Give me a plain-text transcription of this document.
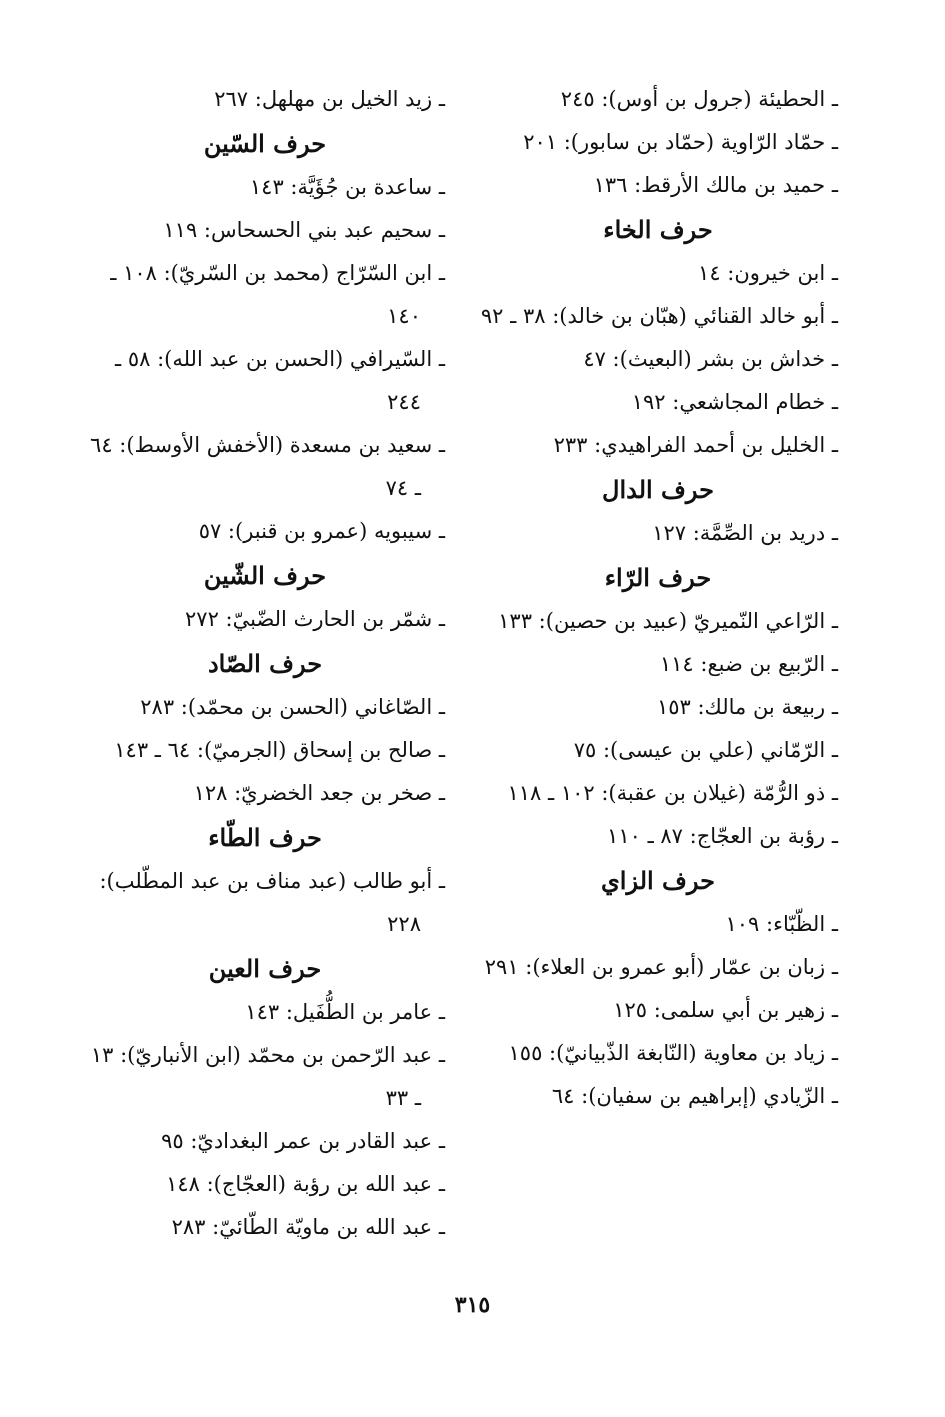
ـ الحطيئة (جرول بن أوس): ٢٤٥

ـ حمّاد الرّاوية (حمّاد بن سابور): ٢٠١

ـ حميد بن مالك الأرقط: ١٣٦

حرف الخاء

ـ ابن خيرون: ١٤

ـ أبو خالد القنائي (هبّان بن خالد): ٣٨ ـ ٩٢

ـ خداش بن بشر (البعيث): ٤٧

ـ خطام المجاشعي: ١٩٢

ـ الخليل بن أحمد الفراهيدي: ٢٣٣

حرف الدال

ـ دريد بن الصِّمَّة: ١٢٧

حرف الرّاء

ـ الرّاعي النّميريّ (عبيد بن حصين): ١٣٣

ـ الرّبيع بن ضبع: ١١٤

ـ ربيعة بن مالك: ١٥٣

ـ الرّمّاني (علي بن عيسى): ٧٥

ـ ذو الرُّمّة (غيلان بن عقبة): ١٠٢ ـ ١١٨

ـ رؤبة بن العجّاج: ٨٧ ـ ١١٠

حرف الزاي

ـ الظّبّاء: ١٠٩

ـ زبان بن عمّار (أبو عمرو بن العلاء): ٢٩١

ـ زهير بن أبي سلمى: ١٢٥

ـ زياد بن معاوية (النّابغة الذّبيانيّ): ١٥٥

ـ الزّيادي (إبراهيم بن سفيان): ٦٤

ـ زيد الخيل بن مهلهل: ٢٦٧

حرف السّين

ـ ساعدة بن جُؤَيَّة: ١٤٣

ـ سحيم عبد بني الحسحاس: ١١٩

ـ ابن السّرّاج (محمد بن السّريّ): ١٠٨ ـ ١٤٠

ـ السّيرافي (الحسن بن عبد الله): ٥٨ ـ ٢٤٤

ـ سعيد بن مسعدة (الأخفش الأوسط): ٦٤ ـ ٧٤

ـ سيبويه (عمرو بن قنبر): ٥٧

حرف الشّين

ـ شمّر بن الحارث الضّبيّ: ٢٧٢

حرف الصّاد

ـ الصّاغاني (الحسن بن محمّد): ٢٨٣

ـ صالح بن إسحاق (الجرميّ): ٦٤ ـ ١٤٣

ـ صخر بن جعد الخضريّ: ١٢٨

حرف الطّاء

ـ أبو طالب (عبد مناف بن عبد المطّلب): ٢٢٨

حرف العين

ـ عامر بن الطُّفَيل: ١٤٣

ـ عبد الرّحمن بن محمّد (ابن الأنباريّ): ١٣ ـ ٣٣

ـ عبد القادر بن عمر البغداديّ: ٩٥

ـ عبد الله بن رؤبة (العجّاج): ١٤٨

ـ عبد الله بن ماويّة الطّائيّ: ٢٨٣

٣١٥
